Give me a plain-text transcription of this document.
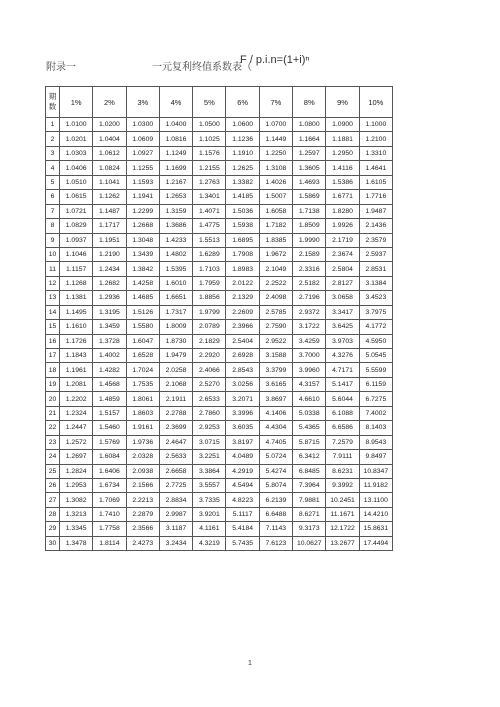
附录一	一元复利终值系数表（
F / p.i.n=(1+i)ⁿ
期
数	1%	2%	3%	4%	5%	6%	7%	8%	9%	10%
1	1.0100	1.0200	1.0300	1.0400	1.0500	1.0600	1.0700	1.0800	1.0900	1.1000
2	1.0201	1.0404	1.0609	1.0816	1.1025	1.1236	1.1449	1.1664	1.1881	1.2100
3	1.0303	1.0612	1.0927	1.1249	1.1576	1.1910	1.2250	1.2597	1.2950	1.3310
4	1.0406	1.0824	1.1255	1.1699	1.2155	1.2625	1.3108	1.3605	1.4116	1.4641
5	1.0510	1.1041	1.1593	1.2167	1.2763	1.3382	1.4026	1.4693	1.5386	1.6105
6	1.0615	1.1262	1.1941	1.2653	1.3401	1.4185	1.5007	1.5869	1.6771	1.7716
7	1.0721	1.1487	1.2299	1.3159	1.4071	1.5036	1.6058	1.7138	1.8280	1.9487
8	1.0829	1.1717	1.2668	1.3686	1.4775	1.5938	1.7182	1.8509	1.9926	2.1436
9	1.0937	1.1951	1.3048	1.4233	1.5513	1.6895	1.8385	1.9990	2.1719	2.3579
10	1.1046	1.2190	1.3439	1.4802	1.6289	1.7908	1.9672	2.1589	2.3674	2.5937
11	1.1157	1.2434	1.3842	1.5395	1.7103	1.8983	2.1049	2.3316	2.5804	2.8531
12	1.1268	1.2682	1.4258	1.6010	1.7959	2.0122	2.2522	2.5182	2.8127	3.1384
13	1.1381	1.2936	1.4685	1.6651	1.8856	2.1329	2.4098	2.7196	3.0658	3.4523
14	1.1495	1.3195	1.5126	1.7317	1.9799	2.2609	2.5785	2.9372	3.3417	3.7975
15	1.1610	1.3459	1.5580	1.8009	2.0789	2.3966	2.7590	3.1722	3.6425	4.1772
16	1.1726	1.3728	1.6047	1.8730	2.1829	2.5404	2.9522	3.4259	3.9703	4.5950
17	1.1843	1.4002	1.6528	1.9479	2.2920	2.6928	3.1588	3.7000	4.3276	5.0545
18	1.1961	1.4282	1.7024	2.0258	2.4066	2.8543	3.3799	3.9960	4.7171	5.5599
19	1.2081	1.4568	1.7535	2.1068	2.5270	3.0256	3.6165	4.3157	5.1417	6.1159
20	1.2202	1.4859	1.8061	2.1911	2.6533	3.2071	3.8697	4.6610	5.6044	6.7275
21	1.2324	1.5157	1.8603	2.2788	2.7860	3.3996	4.1406	5.0338	6.1088	7.4002
22	1.2447	1.5460	1.9161	2.3699	2.9253	3.6035	4.4304	5.4365	6.6586	8.1403
23	1.2572	1.5769	1.9736	2.4647	3.0715	3.8197	4.7405	5.8715	7.2579	8.9543
24	1.2697	1.6084	2.0328	2.5633	3.2251	4.0489	5.0724	6.3412	7.9111	9.8497
25	1.2824	1.6406	2.0938	2.6658	3.3864	4.2919	5.4274	6.8485	8.6231	10.8347
26	1.2953	1.6734	2.1566	2.7725	3.5557	4.5494	5.8074	7.3964	9.3992	11.9182
27	1.3082	1.7069	2.2213	2.8834	3.7335	4.8223	6.2139	7.9881	10.2451	13.1100
28	1.3213	1.7410	2.2879	2.9987	3.9201	5.1117	6.6488	8.6271	11.1671	14.4210
29	1.3345	1.7758	2.3566	3.1187	4.1161	5.4184	7.1143	9.3173	12.1722	15.8631
30	1.3478	1.8114	2.4273	3.2434	4.3219	5.7435	7.6123	10.0627	13.2677	17.4494
1
